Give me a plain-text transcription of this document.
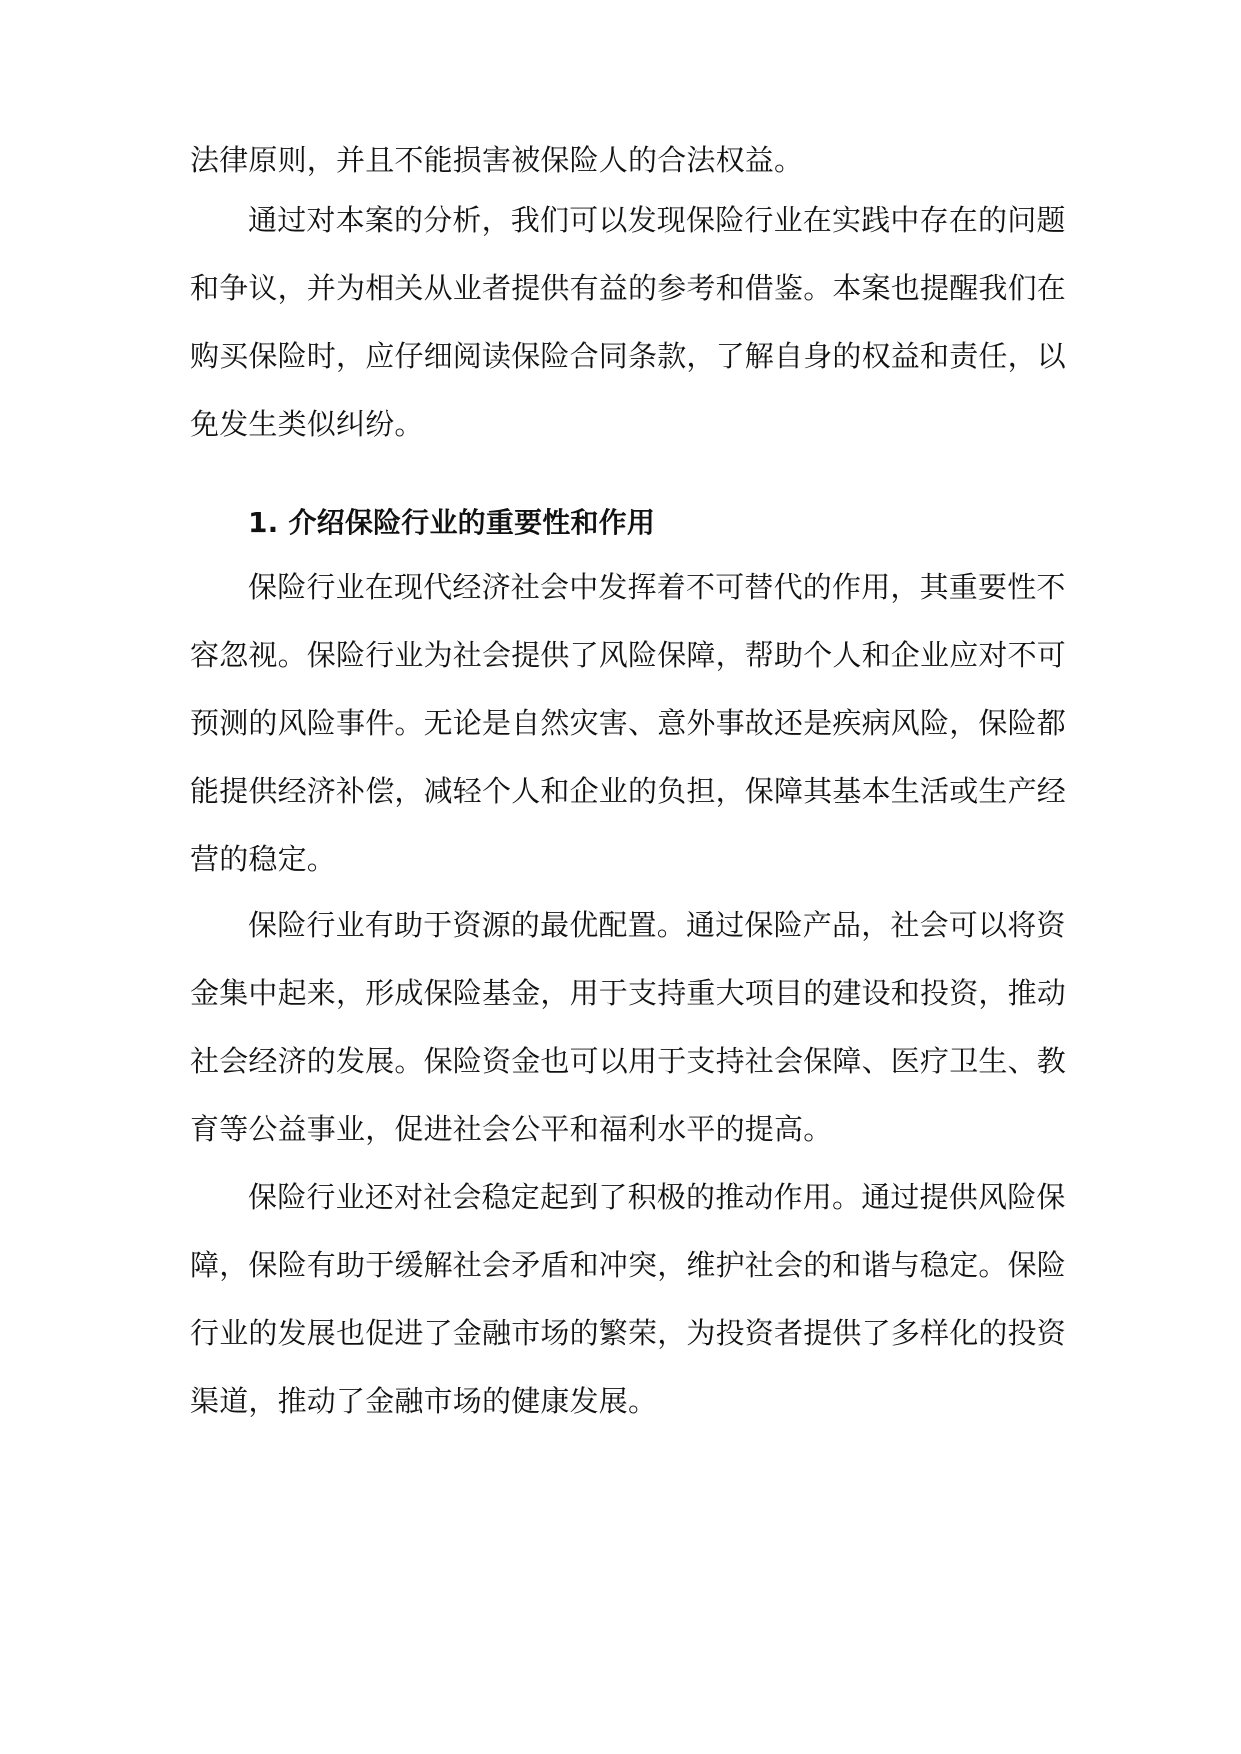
法律原则，并且不能损害被保险人的合法权益。
通过对本案的分析，我们可以发现保险行业在实践中存在的问题
和争议，并为相关从业者提供有益的参考和借鉴。本案也提醒我们在
购买保险时，应仔细阅读保险合同条款，了解自身的权益和责任，以
免发生类似纠纷。
1. 介绍保险行业的重要性和作用
保险行业在现代经济社会中发挥着不可替代的作用，其重要性不
容忽视。保险行业为社会提供了风险保障，帮助个人和企业应对不可
预测的风险事件。无论是自然灾害、意外事故还是疾病风险，保险都
能提供经济补偿，减轻个人和企业的负担，保障其基本生活或生产经
营的稳定。
保险行业有助于资源的最优配置。通过保险产品，社会可以将资
金集中起来，形成保险基金，用于支持重大项目的建设和投资，推动
社会经济的发展。保险资金也可以用于支持社会保障、医疗卫生、教
育等公益事业，促进社会公平和福利水平的提高。
保险行业还对社会稳定起到了积极的推动作用。通过提供风险保
障，保险有助于缓解社会矛盾和冲突，维护社会的和谐与稳定。保险
行业的发展也促进了金融市场的繁荣，为投资者提供了多样化的投资
渠道，推动了金融市场的健康发展。
